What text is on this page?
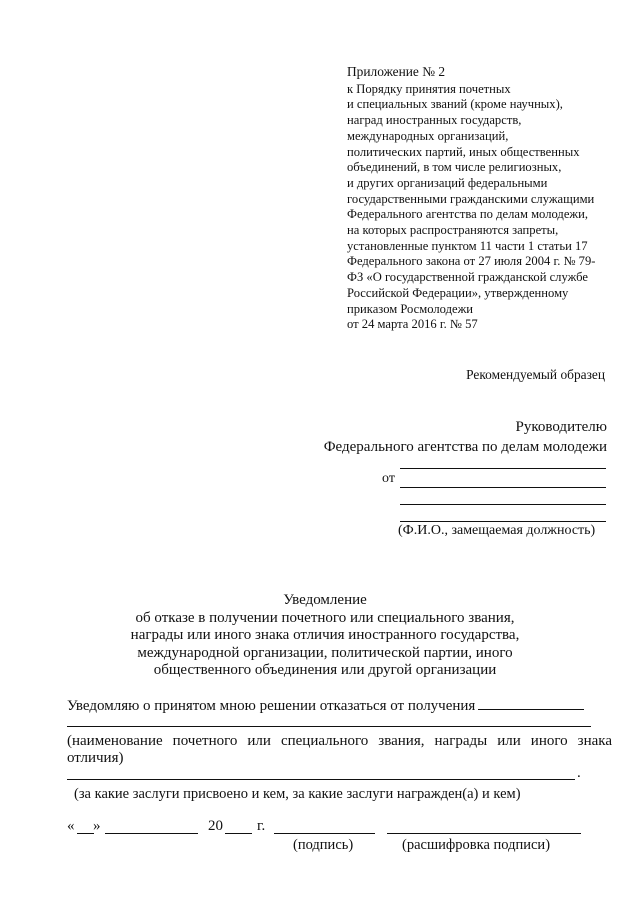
Приложение № 2
к Порядку принятия почетных
и специальных званий (кроме научных),
наград иностранных государств,
международных организаций,
политических партий, иных общественных
объединений, в том числе религиозных,
и других организаций федеральными
государственными гражданскими служащими
Федерального агентства по делам молодежи,
на которых распространяются запреты,
установленные пунктом 11 части 1 статьи 17
Федерального закона от 27 июля 2004 г. № 79-
ФЗ «О государственной гражданской службе
Российской Федерации», утвержденному
приказом Росмолодежи
от 24 марта 2016 г. № 57
Рекомендуемый образец
Руководителю
Федерального агентства по делам молодежи
от
(Ф.И.О., замещаемая должность)
Уведомление
об отказе в получении почетного или специального звания,
награды или иного знака отличия иностранного государства,
международной организации, политической партии, иного
общественного объединения или другой организации
Уведомляю о принятом мною решении отказаться от получения
(наименование почетного или специального звания, награды или иного знака отличия)
.
(за какие заслуги присвоено и кем, за какие заслуги награжден(а) и кем)
« »	20 г.
(подпись)	(расшифровка подписи)
